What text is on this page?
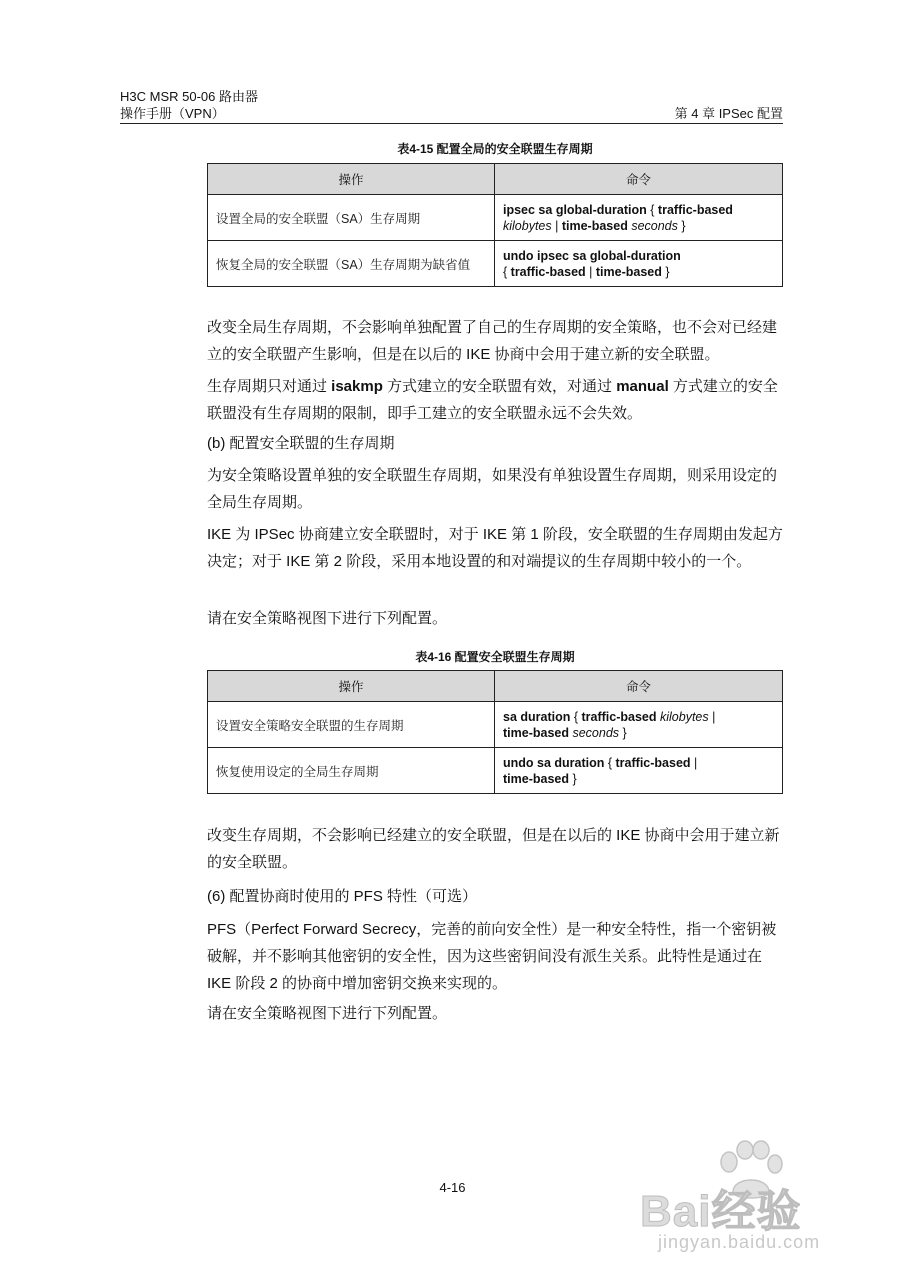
H3C MSR 50-06 路由器
操作手册（VPN）	第 4 章 IPSec 配置
表4-15 配置全局的安全联盟生存周期
操作	命令
设置全局的安全联盟（SA）生存周期	ipsec sa global-duration { traffic-based
kilobytes | time-based seconds }
恢复全局的安全联盟（SA）生存周期为缺省值	undo ipsec sa global-duration
{ traffic-based | time-based }

改变全局生存周期，不会影响单独配置了自己的生存周期的安全策略，也不会对已经建立的安全联盟产生影响，但是在以后的 IKE 协商中会用于建立新的安全联盟。

生存周期只对通过 isakmp 方式建立的安全联盟有效，对通过 manual 方式建立的安全联盟没有生存周期的限制，即手工建立的安全联盟永远不会失效。

(b) 配置安全联盟的生存周期

为安全策略设置单独的安全联盟生存周期，如果没有单独设置生存周期，则采用设定的全局生存周期。

IKE 为 IPSec 协商建立安全联盟时，对于 IKE 第 1 阶段，安全联盟的生存周期由发起方决定；对于 IKE 第 2 阶段，采用本地设置的和对端提议的生存周期中较小的一个。

请在安全策略视图下进行下列配置。

表4-16 配置安全联盟生存周期
操作	命令
设置安全策略安全联盟的生存周期	sa duration { traffic-based kilobytes |
time-based seconds }
恢复使用设定的全局生存周期	undo sa duration { traffic-based |
time-based }

改变生存周期，不会影响已经建立的安全联盟，但是在以后的 IKE 协商中会用于建立新的安全联盟。

(6) 配置协商时使用的 PFS 特性（可选）

PFS（Perfect Forward Secrecy，完善的前向安全性）是一种安全特性，指一个密钥被破解，并不影响其他密钥的安全性，因为这些密钥间没有派生关系。此特性是通过在 IKE 阶段 2 的协商中增加密钥交换来实现的。

请在安全策略视图下进行下列配置。

4-16	Bai经验
jingyan.baidu.com
